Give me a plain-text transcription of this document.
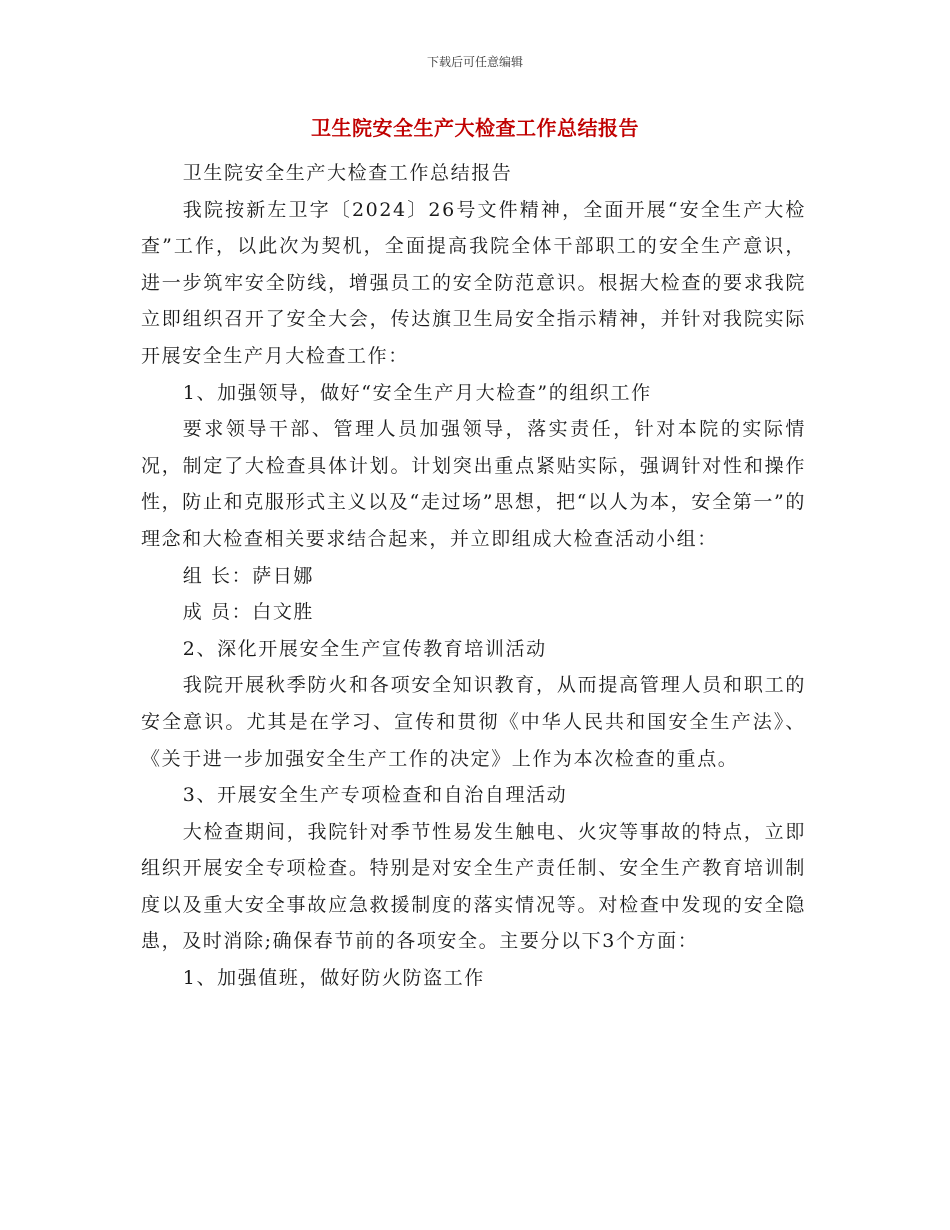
下载后可任意编辑
卫生院安全生产大检查工作总结报告

卫生院安全生产大检查工作总结报告

我院按新左卫字〔2024〕26号文件精神，全面开展“安全生产大检查”工作，以此次为契机，全面提高我院全体干部职工的安全生产意识，进一步筑牢安全防线，增强员工的安全防范意识。根据大检查的要求我院立即组织召开了安全大会，传达旗卫生局安全指示精神，并针对我院实际开展安全生产月大检查工作：

1、加强领导，做好“安全生产月大检查”的组织工作

要求领导干部、管理人员加强领导，落实责任，针对本院的实际情况，制定了大检查具体计划。计划突出重点紧贴实际，强调针对性和操作性，防止和克服形式主义以及“走过场”思想，把“以人为本，安全第一”的理念和大检查相关要求结合起来，并立即组成大检查活动小组：

组 长：萨日娜

成 员：白文胜

2、深化开展安全生产宣传教育培训活动

我院开展秋季防火和各项安全知识教育，从而提高管理人员和职工的安全意识。尤其是在学习、宣传和贯彻《中华人民共和国安全生产法》、《关于进一步加强安全生产工作的决定》上作为本次检查的重点。

3、开展安全生产专项检查和自治自理活动

大检查期间，我院针对季节性易发生触电、火灾等事故的特点，立即组织开展安全专项检查。特别是对安全生产责任制、安全生产教育培训制度以及重大安全事故应急救援制度的落实情况等。对检查中发现的安全隐患，及时消除;确保春节前的各项安全。主要分以下3个方面：

1、加强值班，做好防火防盗工作
